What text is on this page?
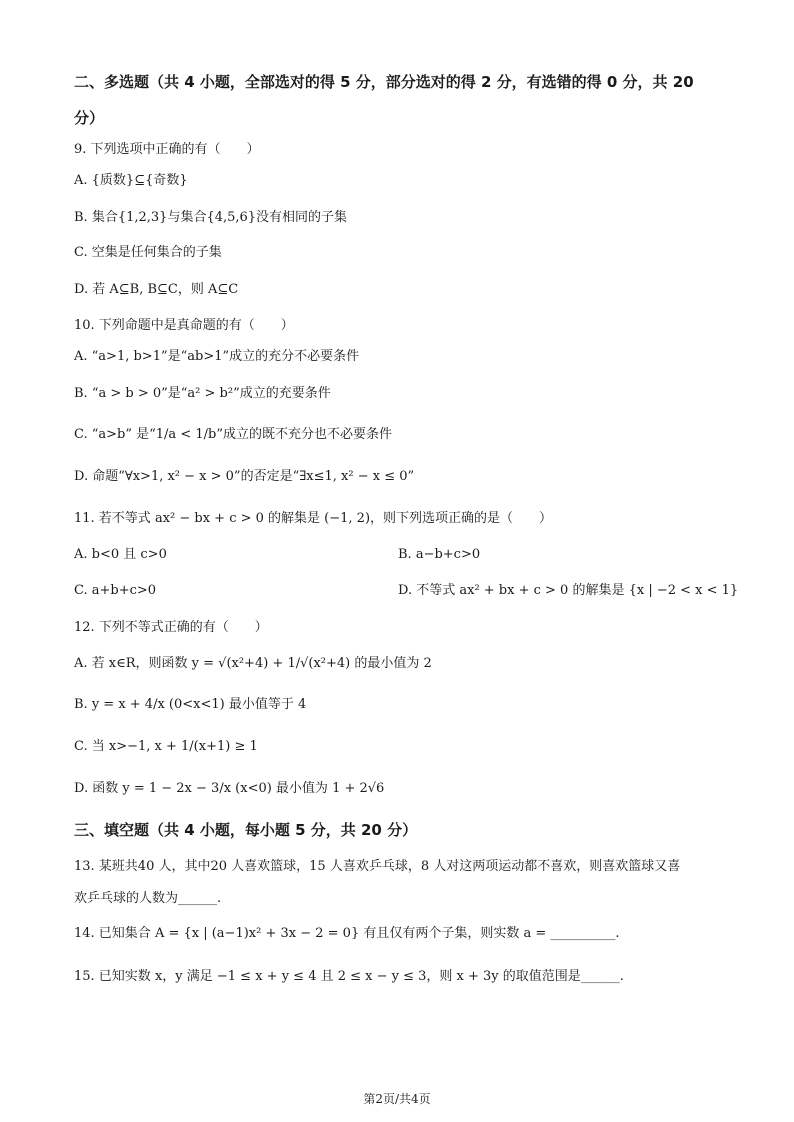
二、多选题（共 4 小题，全部选对的得 5 分，部分选对的得 2 分，有选错的得 0 分，共 20
分）
9. 下列选项中正确的有（　　）
A. {质数}⊆{奇数}
B. 集合{1,2,3}与集合{4,5,6}没有相同的子集
C. 空集是任何集合的子集
D. 若 A⊆B, B⊆C，则 A⊆C
10. 下列命题中是真命题的有（　　）
A. “a>1, b>1”是“ab>1”成立的充分不必要条件
B. “a > b > 0”是“a² > b²”成立的充要条件
C. “a>b” 是“1/a < 1/b”成立的既不充分也不必要条件
D. 命题“∀x>1, x² − x > 0”的否定是“∃x≤1, x² − x ≤ 0”
11. 若不等式 ax² − bx + c > 0 的解集是 (−1, 2)，则下列选项正确的是（　　）
A. b<0 且 c>0	B. a−b+c>0
C. a+b+c>0	D. 不等式 ax² + bx + c > 0 的解集是 {x | −2 < x < 1}
12. 下列不等式正确的有（　　）
A. 若 x∈R，则函数 y = √(x²+4) + 1/√(x²+4) 的最小值为 2
B. y = x + 4/x (0<x<1) 最小值等于 4
C. 当 x>−1, x + 1/(x+1) ≥ 1
D. 函数 y = 1 − 2x − 3/x (x<0) 最小值为 1 + 2√6
三、填空题（共 4 小题，每小题 5 分，共 20 分）
13. 某班共40 人，其中20 人喜欢篮球，15 人喜欢乒乓球，8 人对这两项运动都不喜欢，则喜欢篮球又喜
欢乒乓球的人数为______.
14. 已知集合 A = {x | (a−1)x² + 3x − 2 = 0} 有且仅有两个子集，则实数 a = __________.
15. 已知实数 x，y 满足 −1 ≤ x + y ≤ 4 且 2 ≤ x − y ≤ 3，则 x + 3y 的取值范围是______.
第2页/共4页
